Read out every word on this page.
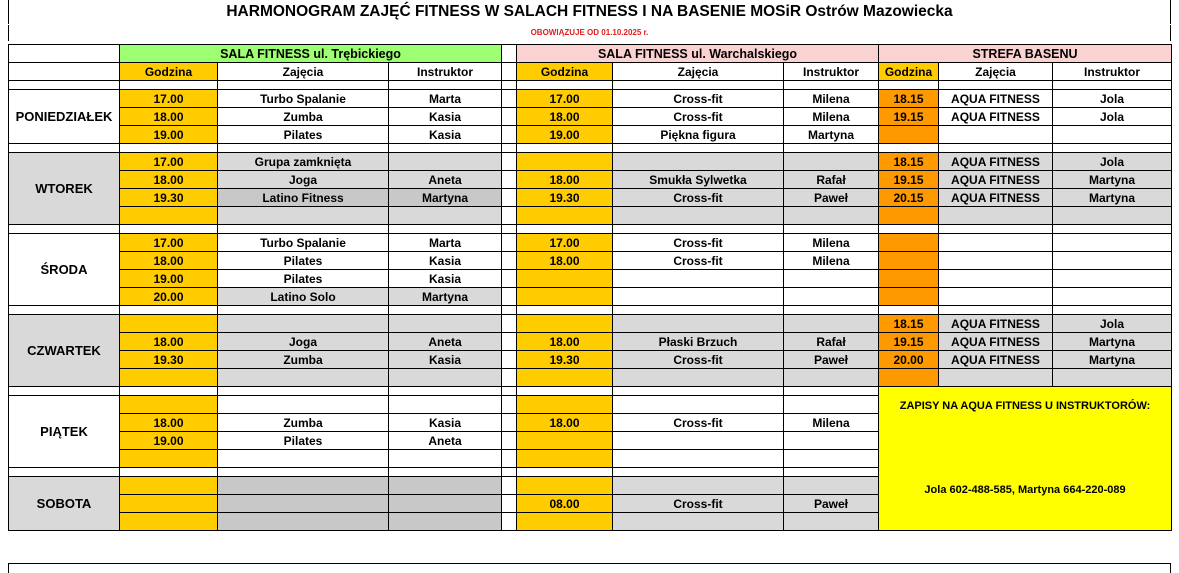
HARMONOGRAM ZAJĘĆ FITNESS W SALACH FITNESS I NA BASENIE MOSiR Ostrów Mazowiecka
OBOWIĄZUJE OD 01.10.2025 r.
	SALA FITNESS ul. Trębickiego				SALA FITNESS ul. Warchalskiego			STREFA BASENU		
	Godzina	Zajęcia	Instruktor		Godzina	Zajęcia	Instruktor	Godzina	Zajęcia	Instruktor

PONIEDZIAŁEK	17.00	Turbo Spalanie	Marta		17.00	Cross-fit	Milena	18.15	AQUA FITNESS	Jola
	18.00	Zumba	Kasia		18.00	Cross-fit	Milena	19.15	AQUA FITNESS	Jola
	19.00	Pilates	Kasia		19.00	Piękna figura	Martyna			

WTOREK	17.00	Grupa zamknięta						18.15	AQUA FITNESS	Jola
	18.00	Joga	Aneta		18.00	Smukła Sylwetka	Rafał	19.15	AQUA FITNESS	Martyna
	19.30	Latino Fitness	Martyna		19.30	Cross-fit	Paweł	20.15	AQUA FITNESS	Martyna

ŚRODA	17.00	Turbo Spalanie	Marta		17.00	Cross-fit	Milena			
	18.00	Pilates	Kasia		18.00	Cross-fit	Milena			
	19.00	Pilates	Kasia							
	20.00	Latino Solo	Martyna							

CZWARTEK								18.15	AQUA FITNESS	Jola
	18.00	Joga	Aneta		18.00	Płaski Brzuch	Rafał	19.15	AQUA FITNESS	Martyna
	19.30	Zumba	Kasia		19.30	Cross-fit	Paweł	20.00	AQUA FITNESS	Martyna

								ZAPISY NA AQUA FITNESS U INSTRUKTORÓW:
Jola 602-488-585, Martyna 664-220-089		

PIĄTEK										
	18.00	Zumba	Kasia		18.00	Cross-fit	Milena			
	19.00	Pilates	Aneta							

SOBOTA										
					08.00	Cross-fit	Paweł			
